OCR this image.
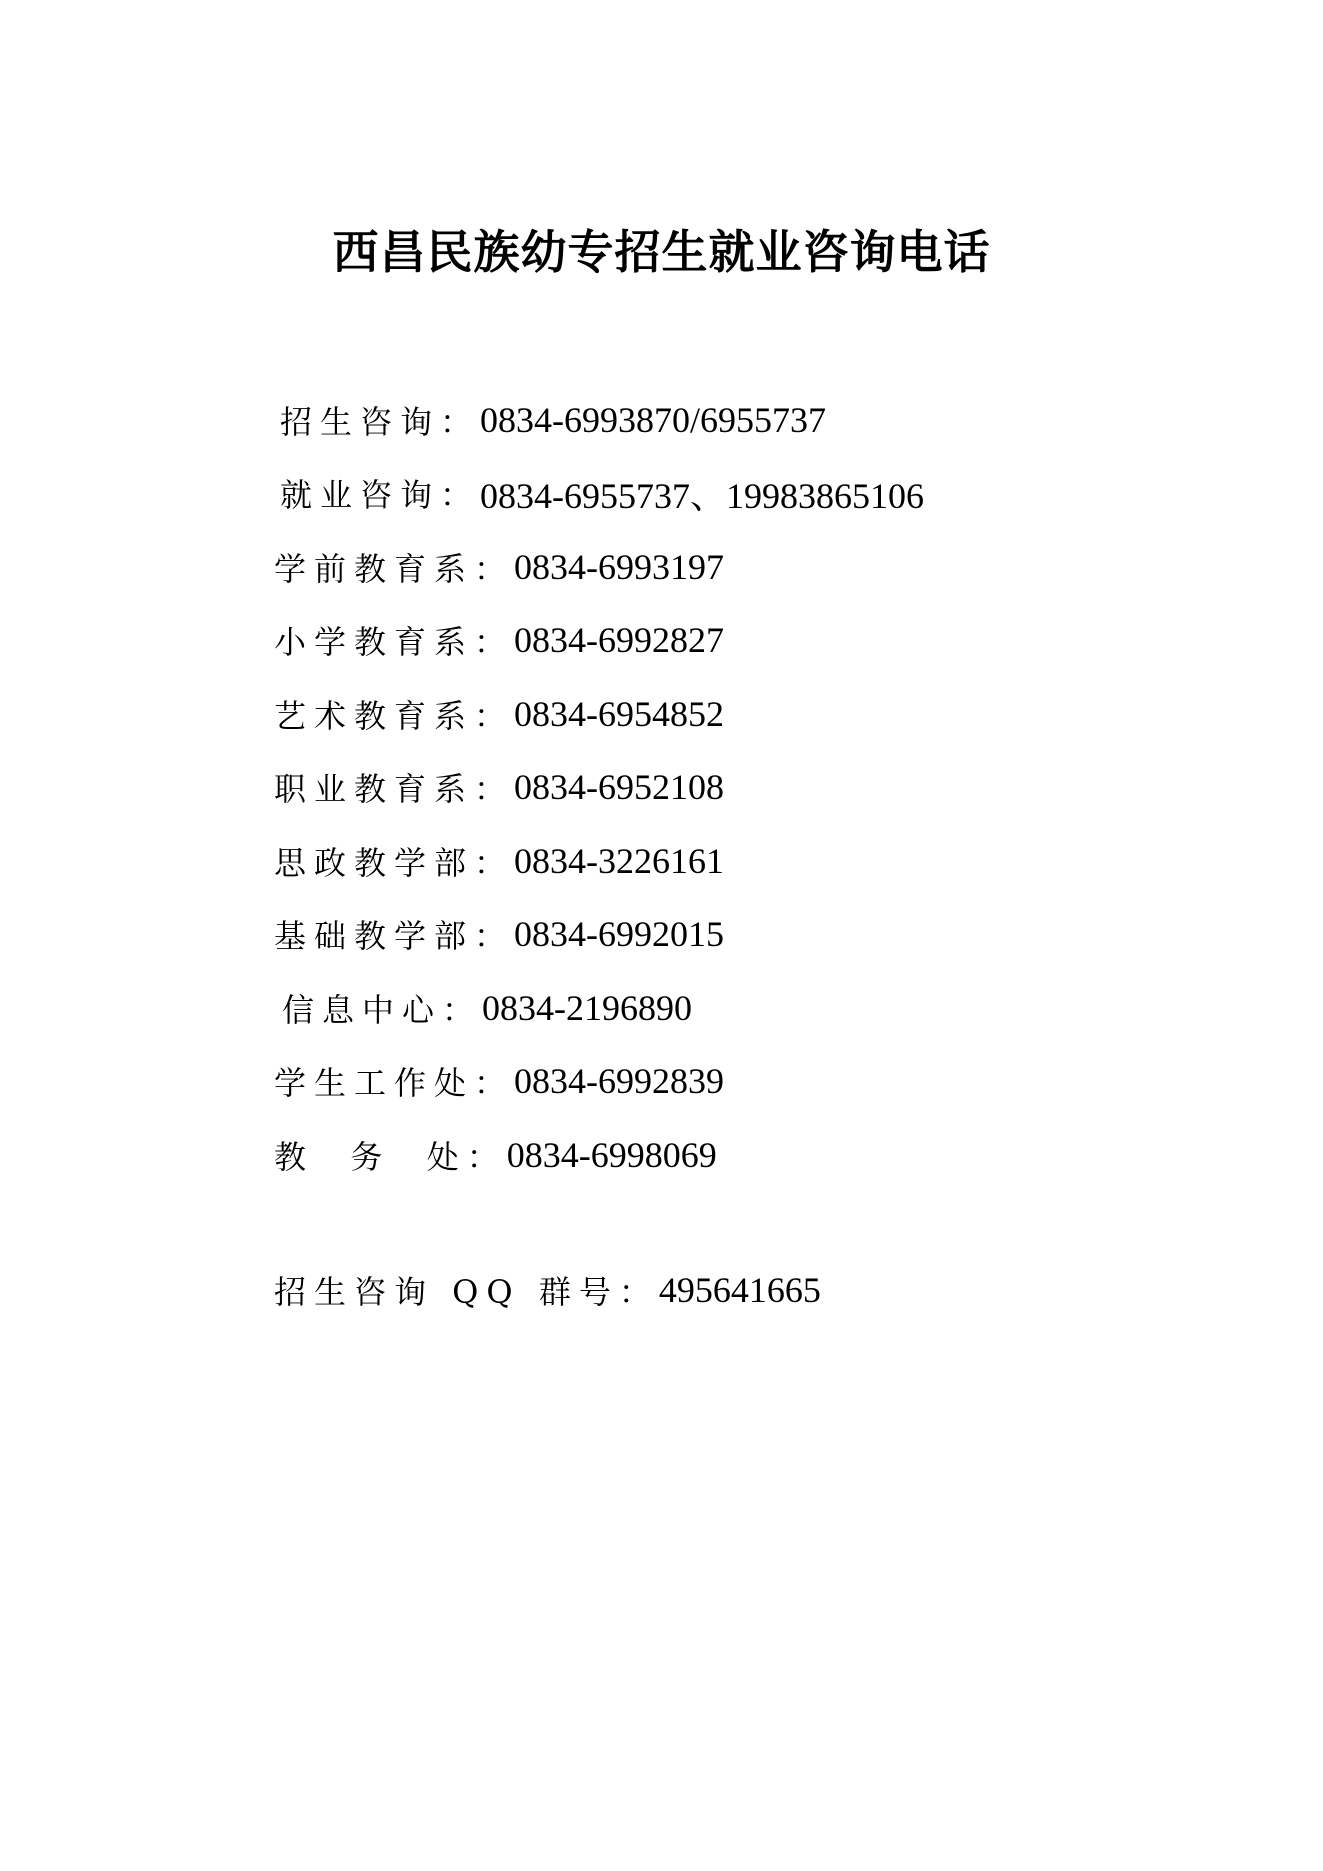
西昌民族幼专招生就业咨询电话
招生咨询： 0834-6993870/6955737
就业咨询： 0834-6955737、19983865106
学前教育系： 0834-6993197
小学教育系： 0834-6992827
艺术教育系： 0834-6954852
职业教育系： 0834-6952108
思政教学部： 0834-3226161
基础教学部： 0834-6992015
信息中心： 0834-2196890
学生工作处： 0834-6992839
教  务  处： 0834-6998069
招生咨询 QQ 群号： 495641665
